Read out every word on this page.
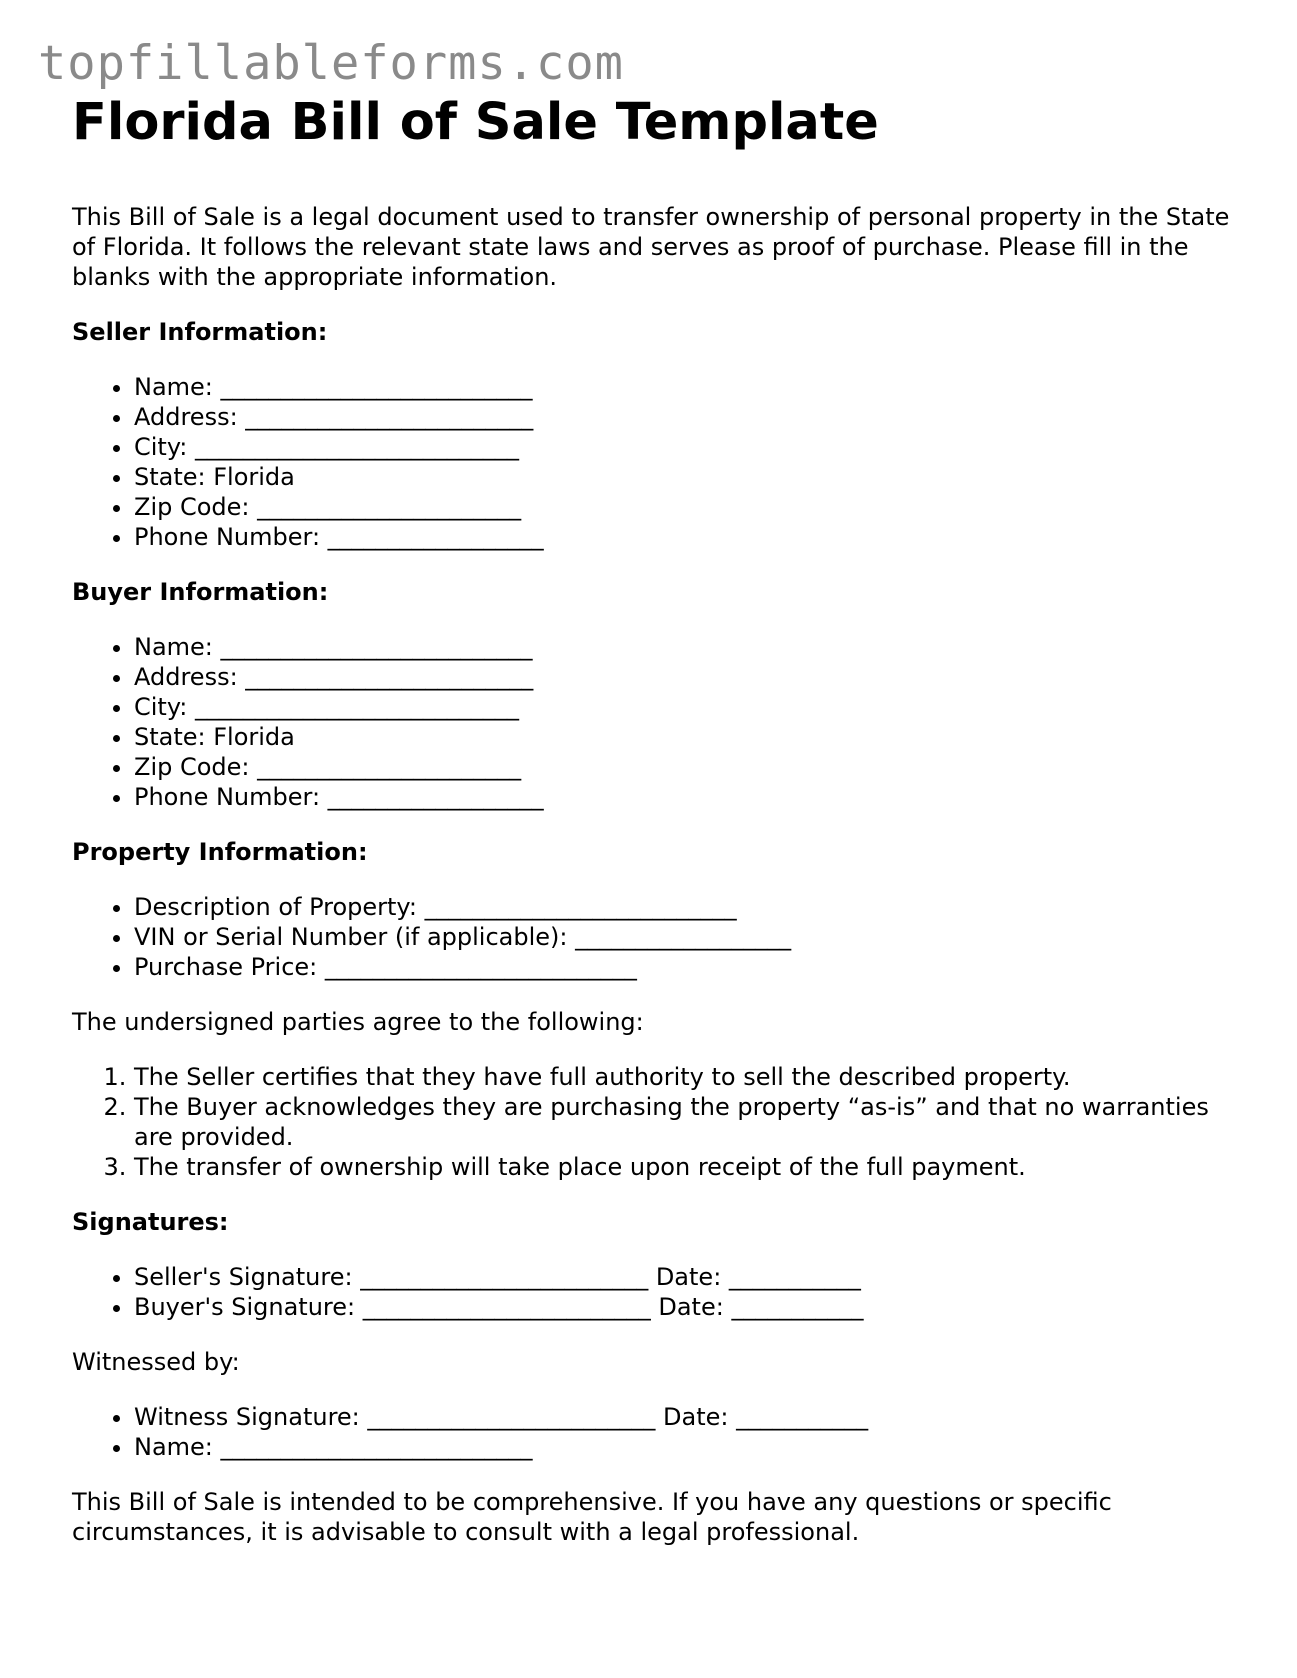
topfillableforms.com
Florida Bill of Sale Template

This Bill of Sale is a legal document used to transfer ownership of personal property in the State of Florida. It follows the relevant state laws and serves as proof of purchase. Please fill in the blanks with the appropriate information.

Seller Information:
• Name: __________________________
• Address: ________________________
• City: ___________________________
• State: Florida
• Zip Code: ______________________
• Phone Number: __________________
Buyer Information:
• Name: __________________________
• Address: ________________________
• City: ___________________________
• State: Florida
• Zip Code: ______________________
• Phone Number: __________________
Property Information:
• Description of Property: __________________________
• VIN or Serial Number (if applicable): __________________
• Purchase Price: __________________________

The undersigned parties agree to the following:

1. The Seller certifies that they have full authority to sell the described property.
2. The Buyer acknowledges they are purchasing the property “as-is” and that no warranties are provided.
3. The transfer of ownership will take place upon receipt of the full payment.
Signatures:
• Seller's Signature: ________________________ Date: ___________
• Buyer's Signature: ________________________ Date: ___________

Witnessed by:

• Witness Signature: ________________________ Date: ___________
• Name: __________________________

This Bill of Sale is intended to be comprehensive. If you have any questions or specific circumstances, it is advisable to consult with a legal professional.
